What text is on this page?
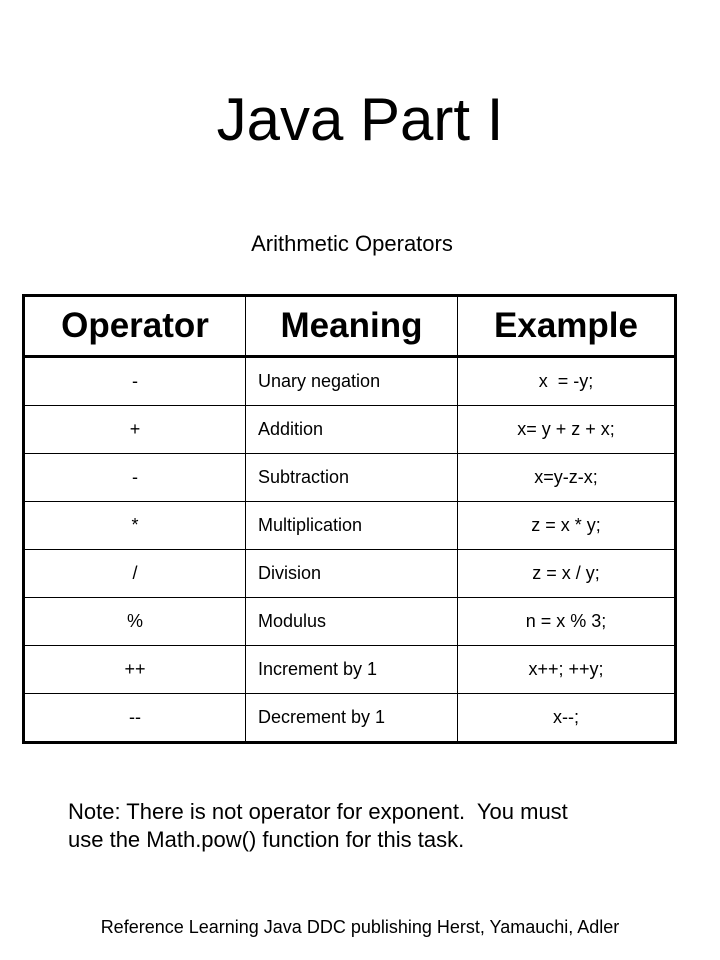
Java Part I
Arithmetic Operators
Operator	Meaning	Example
-	Unary negation	x  = -y;
+	Addition	x= y + z + x;
-	Subtraction	x=y-z-x;
*	Multiplication	z = x * y;
/	Division	z = x / y;
%	Modulus	n = x % 3;
++	Increment by 1	x++; ++y;
--	Decrement by 1	x--;
Note: There is not operator for exponent.  You must
use the Math.pow() function for this task.
Reference Learning Java DDC publishing Herst, Yamauchi, Adler
